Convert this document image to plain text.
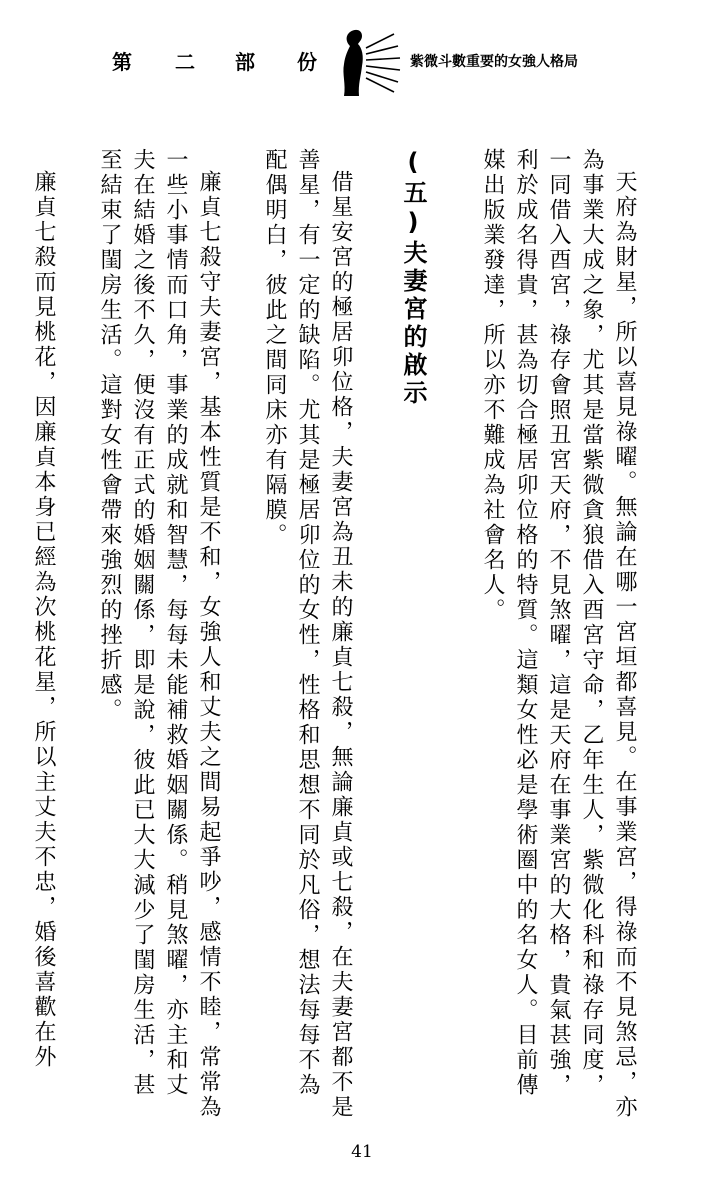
第 二 部 份	紫微斗數重要的女強人格局

天府為財星，所以喜見祿曜。無論在哪一宮垣都喜見。在事業宮，得祿而不見煞忌，亦為事業大成之象，尤其是當紫微貪狼借入酉宮守命，乙年生人，紫微化科和祿存同度，一同借入酉宮，祿存會照丑宮天府，不見煞曜，這是天府在事業宮的大格，貴氣甚強，利於成名得貴，甚為切合極居卯位格的特質。這類女性必是學術圈中的名女人。目前傳媒出版業發達，所以亦不難成為社會名人。

(五)夫妻宮的啟示

借星安宮的極居卯位格，夫妻宮為丑未的廉貞七殺，無論廉貞或七殺，在夫妻宮都不是善星，有一定的缺陷。尤其是極居卯位的女性，性格和思想不同於凡俗，想法每每不為配偶明白，彼此之間同床亦有隔膜。

廉貞七殺守夫妻宮，基本性質是不和，女強人和丈夫之間易起爭吵，感情不睦，常常為一些小事情而口角，事業的成就和智慧，每每未能補救婚姻關係。稍見煞曜，亦主和丈夫在結婚之後不久，便沒有正式的婚姻關係，即是說，彼此已大大減少了閨房生活，甚至結束了閨房生活。這對女性會帶來強烈的挫折感。

廉貞七殺而見桃花，因廉貞本身已經為次桃花星，所以主丈夫不忠，婚後喜歡在外

41
